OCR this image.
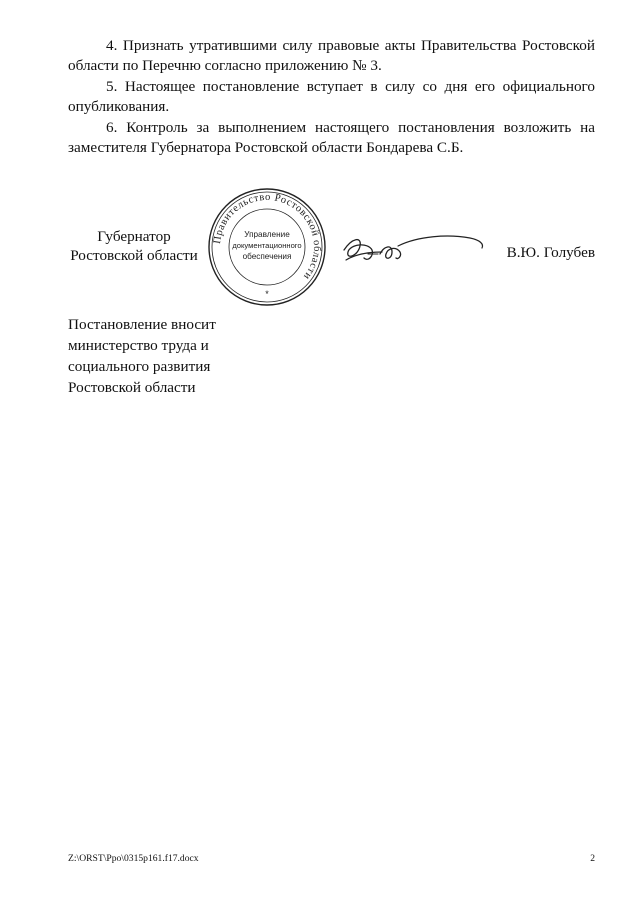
4. Признать утратившими силу правовые акты Правительства Ростовской области по Перечню согласно приложению № 3.

5. Настоящее постановление вступает в силу со дня его официального опубликования.

6. Контроль за выполнением настоящего постановления возложить на заместителя Губернатора Ростовской области Бондарева С.Б.

Губернатор
Ростовской области
Правительство Ростовской области
Управление
документационного
обеспечения
*
В.Ю. Голубев
Постановление вносит
министерство труда и
социального развития
Ростовской области
Z:\ORST\Ppo\0315p161.f17.docx	2
